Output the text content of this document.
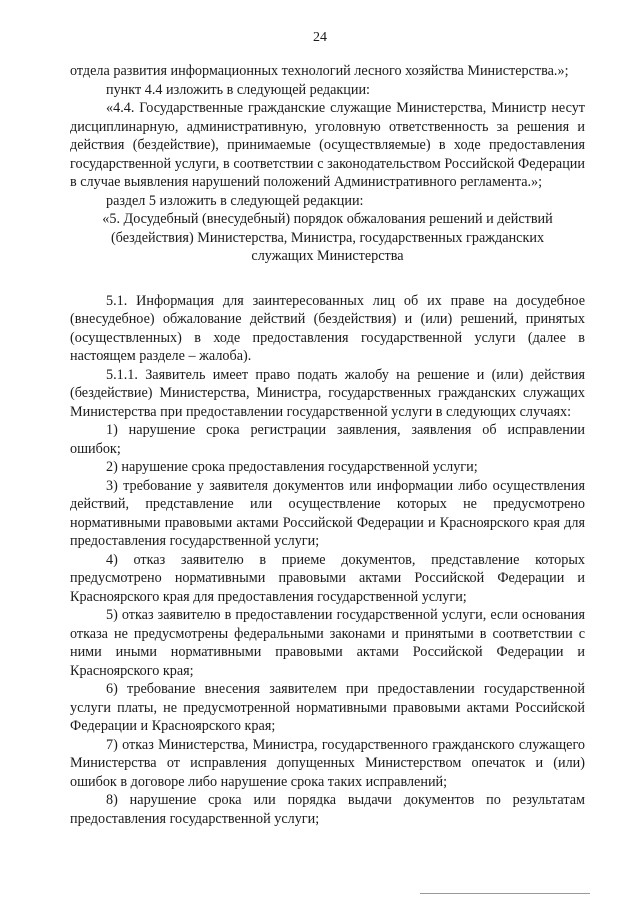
24

отдела развития информационных технологий лесного хозяйства Министерства.»;

пункт 4.4 изложить в следующей редакции:

«4.4. Государственные гражданские служащие Министерства, Министр несут дисциплинарную, административную, уголовную ответственность за решения и действия (бездействие), принимаемые (осуществляемые) в ходе предоставления государственной услуги, в соответствии с законодательством Российской Федерации в случае выявления нарушений положений Административного регламента.»;

раздел 5 изложить в следующей редакции:

«5. Досудебный (внесудебный) порядок обжалования решений и действий (бездействия) Министерства, Министра, государственных гражданских служащих Министерства

5.1. Информация для заинтересованных лиц об их праве на досудебное (внесудебное) обжалование действий (бездействия) и (или) решений, принятых (осуществленных) в ходе предоставления государственной услуги (далее в настоящем разделе – жалоба).

5.1.1. Заявитель имеет право подать жалобу на решение и (или) действия (бездействие) Министерства, Министра, государственных гражданских служащих Министерства при предоставлении государственной услуги в следующих случаях:

1) нарушение срока регистрации заявления, заявления об исправлении ошибок;

2) нарушение срока предоставления государственной услуги;

3) требование у заявителя документов или информации либо осуществления действий, представление или осуществление которых не предусмотрено нормативными правовыми актами Российской Федерации и Красноярского края для предоставления государственной услуги;

4) отказ заявителю в приеме документов, представление которых предусмотрено нормативными правовыми актами Российской Федерации и Красноярского края для предоставления государственной услуги;

5) отказ заявителю в предоставлении государственной услуги, если основания отказа не предусмотрены федеральными законами и принятыми в соответствии с ними иными нормативными правовыми актами Российской Федерации и Красноярского края;

6) требование внесения заявителем при предоставлении государственной услуги платы, не предусмотренной нормативными правовыми актами Российской Федерации и Красноярского края;

7) отказ Министерства, Министра, государственного гражданского служащего Министерства от исправления допущенных Министерством опечаток и (или) ошибок в договоре либо нарушение срока таких исправлений;

8) нарушение срока или порядка выдачи документов по результатам предоставления государственной услуги;
